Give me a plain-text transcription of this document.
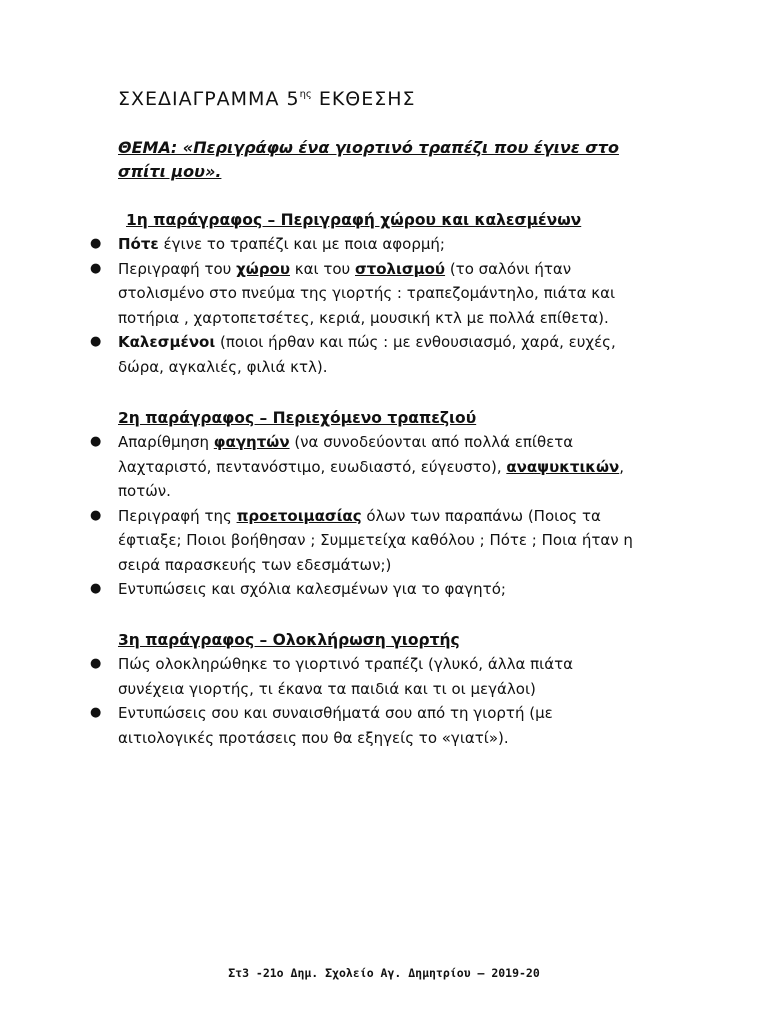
ΣΧΕΔΙΑΓΡΑΜΜΑ $5^{\eta\varsigma}$ ΕΚΘΕΣΗΣ
ΘΕΜΑ: «Περιγράφω ένα γιορτινό τραπέζι που έγινε στο σπίτι μου».

1η παράγραφος – Περιγραφή χώρου και καλεσμένων

● Πότε έγινε το τραπέζι και με ποια αφορμή;
● Περιγραφή του χώρου και του στολισμού (το σαλόνι ήταν στολισμένο στο πνεύμα της γιορτής : τραπεζομάντηλο, πιάτα και ποτήρια , χαρτοπετσέτες, κεριά, μουσική κτλ με πολλά επίθετα).
● Καλεσμένοι (ποιοι ήρθαν και πώς : με ενθουσιασμό, χαρά, ευχές, δώρα, αγκαλιές, φιλιά κτλ).

2η παράγραφος – Περιεχόμενο τραπεζιού

● Απαρίθμηση φαγητών (να συνοδεύονται από πολλά επίθετα λαχταριστό, πεντανόστιμο, ευωδιαστό, εύγευστο), αναψυκτικών, ποτών.
● Περιγραφή της προετοιμασίας όλων των παραπάνω (Ποιος τα έφτιαξε; Ποιοι βοήθησαν ; Συμμετείχα καθόλου ; Πότε ; Ποια ήταν η σειρά παρασκευής των εδεσμάτων;)
● Εντυπώσεις και σχόλια καλεσμένων για το φαγητό;

3η παράγραφος – Ολοκλήρωση γιορτής

● Πώς ολοκληρώθηκε το γιορτινό τραπέζι (γλυκό, άλλα πιάτα συνέχεια γιορτής, τι έκανα τα παιδιά και τι οι μεγάλοι)
● Εντυπώσεις σου και συναισθήματά σου από τη γιορτή (με αιτιολογικές προτάσεις που θα εξηγείς το «γιατί»).
Στ3 -21ο Δημ. Σχολείο Αγ. Δημητρίου – 2019-20
